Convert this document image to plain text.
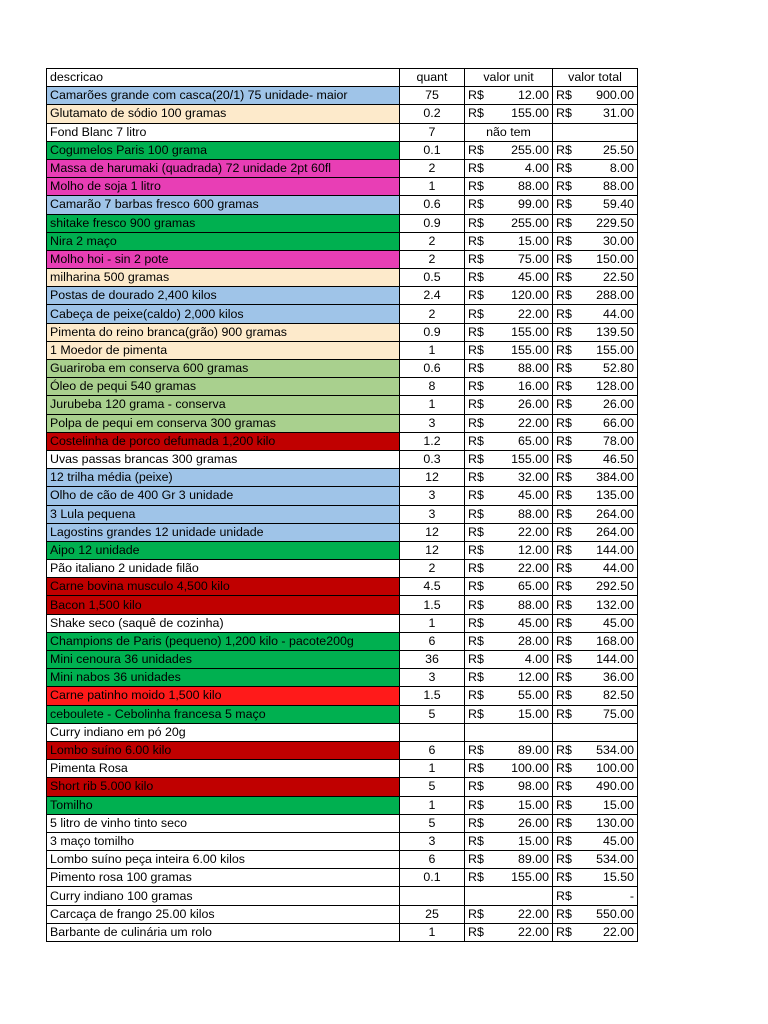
descricao	quant	valor unit	valor total
Camarões grande com casca(20/1) 75 unidade- maior	75	R$ 12.00	R$ 900.00

Glutamato de sódio 100 gramas	0.2	R$ 155.00	R$ 31.00

Fond Blanc 7 litro	7	não tem	
Cogumelos Paris 100 grama	0.1	R$ 255.00	R$ 25.50

Massa de harumaki (quadrada) 72 unidade 2pt 60fl	2	R$ 4.00	R$ 8.00

Molho de soja 1 litro	1	R$ 88.00	R$ 88.00

Camarão 7 barbas fresco 600 gramas	0.6	R$ 99.00	R$ 59.40

shitake fresco 900 gramas	0.9	R$ 255.00	R$ 229.50

Nira 2 maço	2	R$ 15.00	R$ 30.00

Molho hoi - sin 2 pote	2	R$ 75.00	R$ 150.00

milharina 500 gramas	0.5	R$ 45.00	R$ 22.50

Postas de dourado 2,400 kilos	2.4	R$ 120.00	R$ 288.00

Cabeça de peixe(caldo) 2,000 kilos	2	R$ 22.00	R$ 44.00

Pimenta do reino branca(grão) 900 gramas	0.9	R$ 155.00	R$ 139.50

1 Moedor de pimenta	1	R$ 155.00	R$ 155.00

Guariroba em conserva 600 gramas	0.6	R$ 88.00	R$ 52.80

Óleo de pequi 540 gramas	8	R$ 16.00	R$ 128.00

Jurubeba 120 grama - conserva	1	R$ 26.00	R$ 26.00

Polpa de pequi em conserva 300 gramas	3	R$ 22.00	R$ 66.00

Costelinha de porco defumada 1,200 kilo	1.2	R$ 65.00	R$ 78.00

Uvas passas brancas 300 gramas	0.3	R$ 155.00	R$ 46.50

12 trilha média (peixe)	12	R$ 32.00	R$ 384.00

Olho de cão de 400 Gr 3 unidade	3	R$ 45.00	R$ 135.00

3 Lula pequena	3	R$ 88.00	R$ 264.00

Lagostins grandes 12 unidade unidade	12	R$ 22.00	R$ 264.00

Aipo 12 unidade	12	R$ 12.00	R$ 144.00

Pão italiano 2 unidade filão	2	R$ 22.00	R$ 44.00

Carne bovina musculo 4,500 kilo	4.5	R$ 65.00	R$ 292.50

Bacon 1,500 kilo	1.5	R$ 88.00	R$ 132.00

Shake seco (saquê de cozinha)	1	R$ 45.00	R$ 45.00

Champions de Paris (pequeno) 1,200 kilo - pacote200g	6	R$ 28.00	R$ 168.00

Mini cenoura 36 unidades	36	R$ 4.00	R$ 144.00

Mini nabos 36 unidades	3	R$ 12.00	R$ 36.00

Carne patinho moido 1,500 kilo	1.5	R$ 55.00	R$ 82.50

ceboulete - Cebolinha francesa 5 maço	5	R$ 15.00	R$ 75.00

Curry indiano em pó 20g			
Lombo suíno 6.00 kilo	6	R$ 89.00	R$ 534.00

Pimenta Rosa	1	R$ 100.00	R$ 100.00

Short rib 5.000 kilo	5	R$ 98.00	R$ 490.00

Tomilho	1	R$ 15.00	R$ 15.00

5 litro de vinho tinto seco	5	R$ 26.00	R$ 130.00

3 maço tomilho	3	R$ 15.00	R$ 45.00

Lombo suíno peça inteira 6.00 kilos	6	R$ 89.00	R$ 534.00

Pimento rosa 100 gramas	0.1	R$ 155.00	R$ 15.50

Curry indiano 100 gramas			R$ -

Carcaça de frango 25.00 kilos	25	R$ 22.00	R$ 550.00

Barbante de culinária um rolo	1	R$ 22.00	R$ 22.00
